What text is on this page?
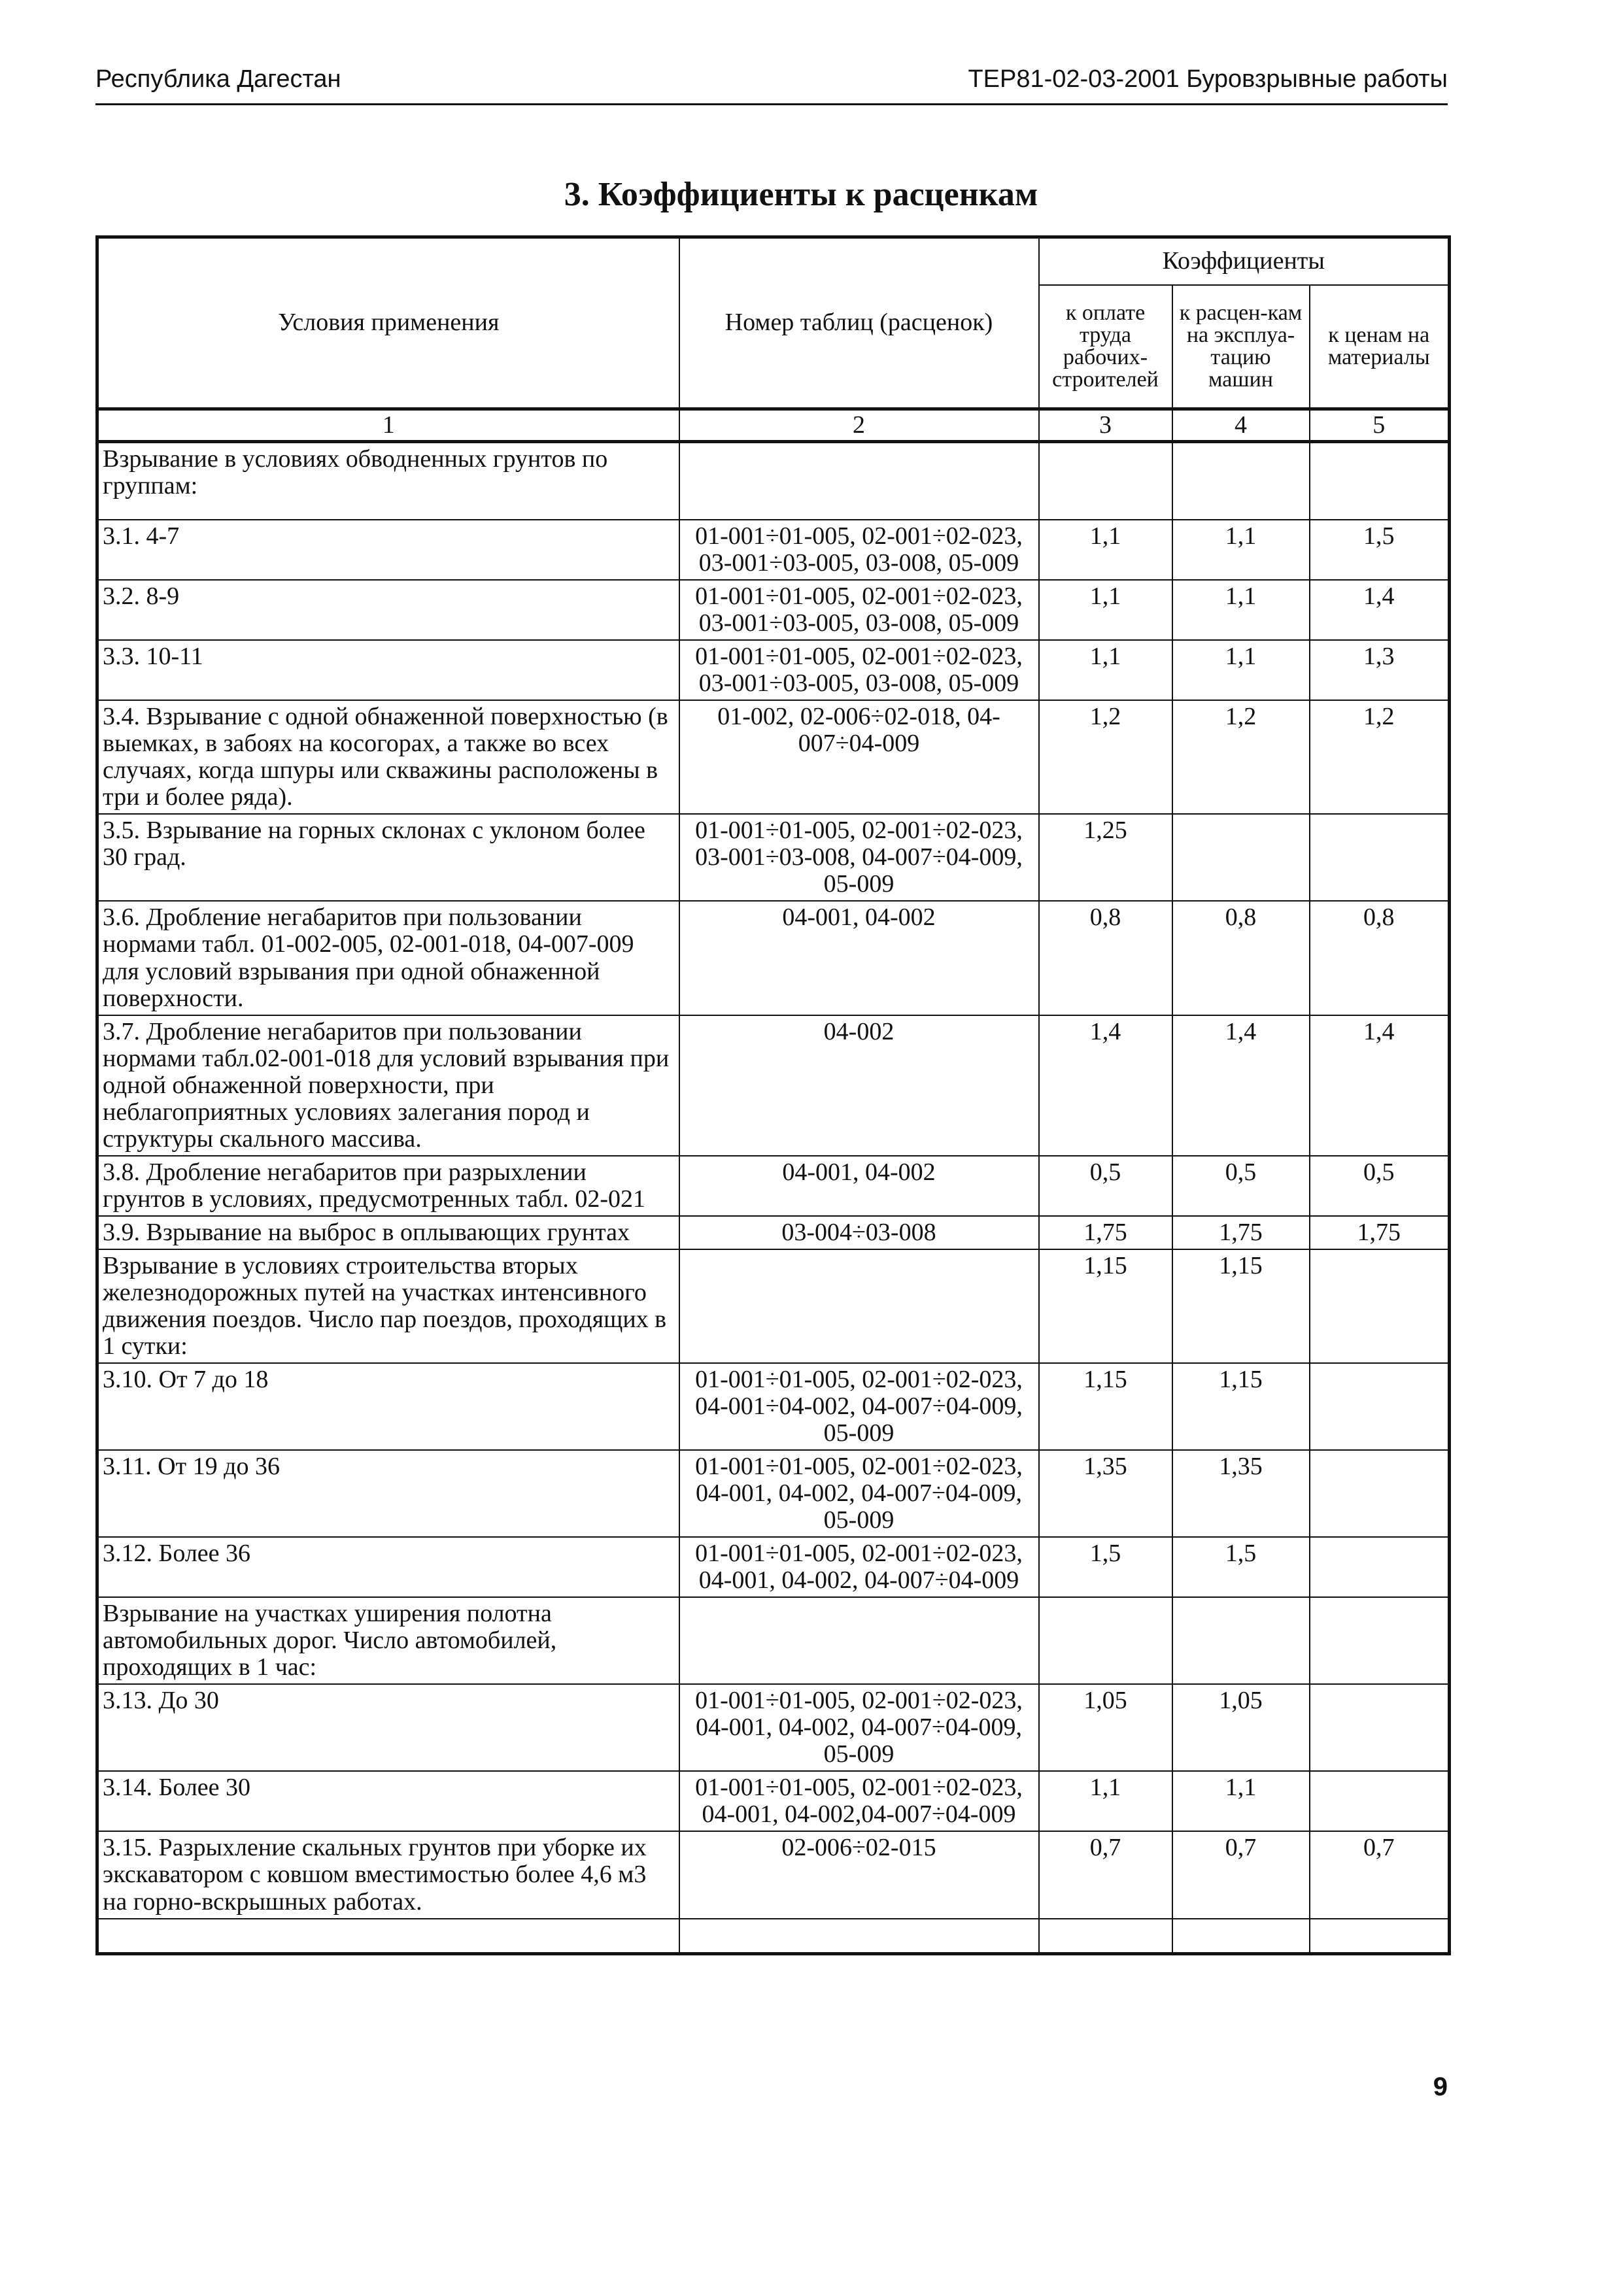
Республика Дагестан	ТЕР81-02-03-2001 Буровзрывные работы
3. Коэффициенты к расценкам
Условия применения	Номер таблиц (расценок)	Коэффициенты		
		к оплате труда рабочих-строителей	к расцен-кам на эксплуа-тацию машин	к ценам на материалы
1	2	3	4	5
Взрывание в условиях обводненных грунтов по группам:				
3.1. 4-7	01-001÷01-005, 02-001÷02-023, 03-001÷03-005, 03-008, 05-009	1,1	1,1	1,5
3.2. 8-9	01-001÷01-005, 02-001÷02-023, 03-001÷03-005, 03-008, 05-009	1,1	1,1	1,4
3.3. 10-11	01-001÷01-005, 02-001÷02-023, 03-001÷03-005, 03-008, 05-009	1,1	1,1	1,3
3.4. Взрывание с одной обнаженной поверхностью (в выемках, в забоях на косогорах, а также во всех случаях, когда шпуры или скважины расположены в три и более ряда).	01-002, 02-006÷02-018, 04-007÷04-009	1,2	1,2	1,2
3.5. Взрывание на горных склонах с уклоном более 30 град.	01-001÷01-005, 02-001÷02-023, 03-001÷03-008, 04-007÷04-009, 05-009	1,25		
3.6. Дробление негабаритов при пользовании нормами табл. 01-002-005, 02-001-018, 04-007-009 для условий взрывания при одной обнаженной поверхности.	04-001, 04-002	0,8	0,8	0,8
3.7. Дробление негабаритов при пользовании нормами табл.02-001-018 для условий взрывания при одной обнаженной поверхности, при неблагоприятных условиях залегания пород и структуры скального массива.	04-002	1,4	1,4	1,4
3.8. Дробление негабаритов при разрыхлении грунтов в условиях, предусмотренных табл. 02-021	04-001, 04-002	0,5	0,5	0,5
3.9. Взрывание на выброс в оплывающих грунтах	03-004÷03-008	1,75	1,75	1,75
Взрывание в условиях строительства вторых железнодорожных путей на участках интенсивного движения поездов. Число пар поездов, проходящих в 1 сутки:		1,15	1,15	
3.10. От 7 до 18	01-001÷01-005, 02-001÷02-023, 04-001÷04-002, 04-007÷04-009, 05-009	1,15	1,15	
3.11. От 19 до 36	01-001÷01-005, 02-001÷02-023, 04-001, 04-002, 04-007÷04-009, 05-009	1,35	1,35	
3.12. Более 36	01-001÷01-005, 02-001÷02-023, 04-001, 04-002, 04-007÷04-009	1,5	1,5	
Взрывание на участках уширения полотна автомобильных дорог. Число автомобилей, проходящих в 1 час:				
3.13. До 30	01-001÷01-005, 02-001÷02-023, 04-001, 04-002, 04-007÷04-009, 05-009	1,05	1,05	
3.14. Более 30	01-001÷01-005, 02-001÷02-023, 04-001, 04-002,04-007÷04-009	1,1	1,1	
3.15. Разрыхление скальных грунтов при уборке их экскаватором с ковшом вместимостью более 4,6 м3 на горно-вскрышных работах.	02-006÷02-015	0,7	0,7	0,7

9
